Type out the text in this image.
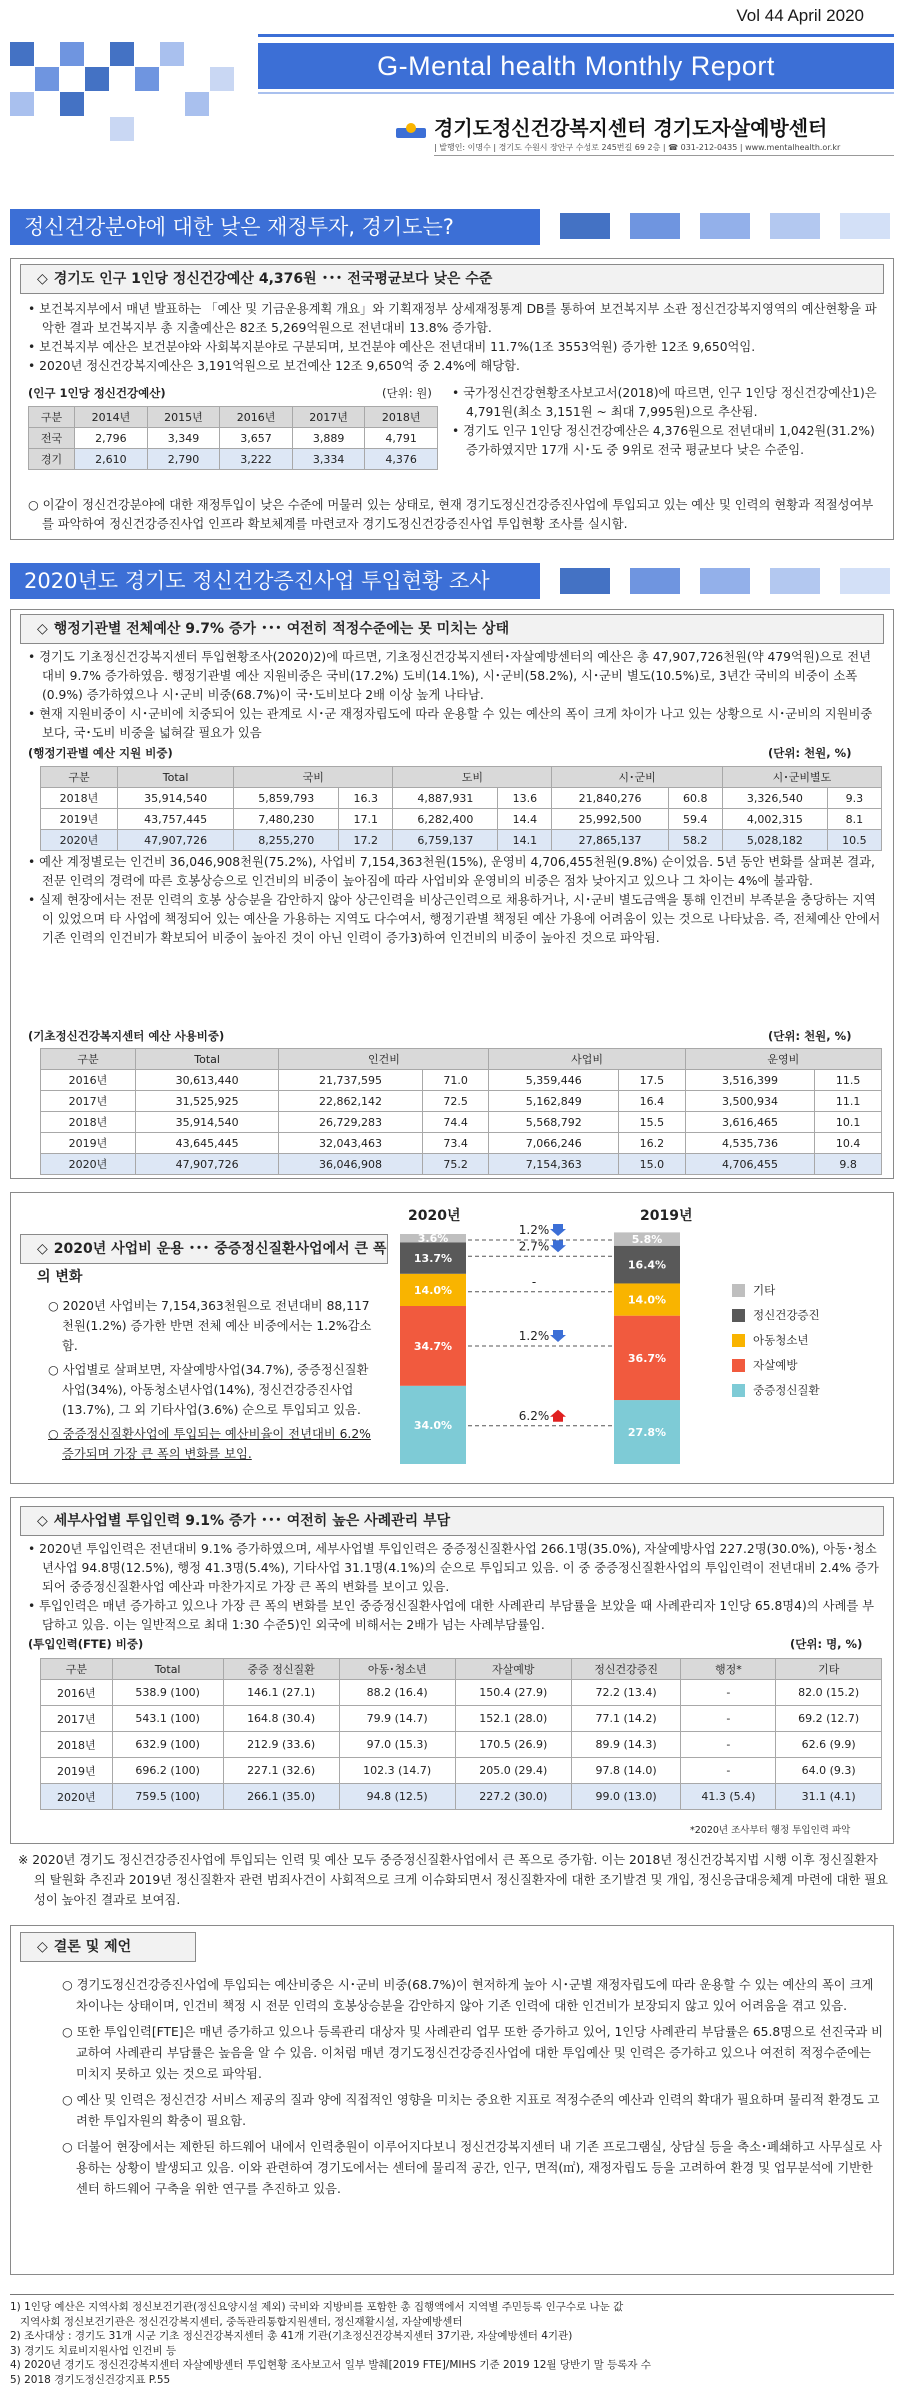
Vol 44 April 2020
G-Mental health Monthly Report
경기도정신건강복지센터 경기도자살예방센터
| 발행인: 이명수 | 경기도 수원시 장안구 수성로 245번길 69 2층 | ☎ 031-212-0435 | www.mentalhealth.or.kr
정신건강분야에 대한 낮은 재정투자, 경기도는?
◇ 경기도 인구 1인당 정신건강예산 4,376원 ･･･ 전국평균보다 낮은 수준
• 보건복지부에서 매년 발표하는 「예산 및 기금운용계획 개요」와 기획재정부 상세재정통계 DB를 통하여 보건복지부 소관 정신건강복지영역의 예산현황을 파악한 결과 보건복지부 총 지출예산은 82조 5,269억원으로 전년대비 13.8% 증가함.
• 보건복지부 예산은 보건분야와 사회복지분야로 구분되며, 보건분야 예산은 전년대비 11.7%(1조 3553억원) 증가한 12조 9,650억임.
• 2020년 정신건강복지예산은 3,191억원으로 보건예산 12조 9,650억 중 2.4%에 해당함.
(인구 1인당 정신건강예산)	(단위: 원)
구분	2014년	2015년	2016년	2017년	2018년
전국	2,796	3,349	3,657	3,889	4,791
경기	2,610	2,790	3,222	3,334	4,376
• 국가정신건강현황조사보고서(2018)에 따르면, 인구 1인당 정신건강예산1)은 4,791원(최소 3,151원 ~ 최대 7,995원)으로 추산됨.
• 경기도 인구 1인당 정신건강예산은 4,376원으로 전년대비 1,042원(31.2%) 증가하였지만 17개 시･도 중 9위로 전국 평균보다 낮은 수준임.
○ 이같이 정신건강분야에 대한 재정투입이 낮은 수준에 머물러 있는 상태로, 현재 경기도정신건강증진사업에 투입되고 있는 예산 및 인력의 현황과 적절성여부를 파악하여 정신건강증진사업 인프라 확보체계를 마련코자 경기도정신건강증진사업 투입현황 조사를 실시함.
2020년도 경기도 정신건강증진사업 투입현황 조사
◇ 행정기관별 전체예산 9.7% 증가 ･･･ 여전히 적정수준에는 못 미치는 상태
• 경기도 기초정신건강복지센터 투입현황조사(2020)2)에 따르면, 기초정신건강복지센터･자살예방센터의 예산은 총 47,907,726천원(약 479억원)으로 전년대비 9.7% 증가하였음. 행정기관별 예산 지원비중은 국비(17.2%) 도비(14.1%), 시･군비(58.2%), 시･군비 별도(10.5%)로, 3년간 국비의 비중이 소폭(0.9%) 증가하였으나 시･군비 비중(68.7%)이 국･도비보다 2배 이상 높게 나타남.
• 현재 지원비중이 시･군비에 치중되어 있는 관계로 시･군 재정자립도에 따라 운용할 수 있는 예산의 폭이 크게 차이가 나고 있는 상황으로 시･군비의 지원비중보다, 국･도비 비중을 넓혀갈 필요가 있음
(행정기관별 예산 지원 비중)	(단위: 천원, %)
구분	Total	국비		도비		시･군비		시･군비별도	
2018년	35,914,540	5,859,793	16.3	4,887,931	13.6	21,840,276	60.8	3,326,540	9.3
2019년	43,757,445	7,480,230	17.1	6,282,400	14.4	25,992,500	59.4	4,002,315	8.1
2020년	47,907,726	8,255,270	17.2	6,759,137	14.1	27,865,137	58.2	5,028,182	10.5
• 예산 계정별로는 인건비 36,046,908천원(75.2%), 사업비 7,154,363천원(15%), 운영비 4,706,455천원(9.8%) 순이었음. 5년 동안 변화를 살펴본 결과, 전문 인력의 경력에 따른 호봉상승으로 인건비의 비중이 높아짐에 따라 사업비와 운영비의 비중은 점차 낮아지고 있으나 그 차이는 4%에 불과함.
• 실제 현장에서는 전문 인력의 호봉 상승분을 감안하지 않아 상근인력을 비상근인력으로 채용하거나, 시･군비 별도금액을 통해 인건비 부족분을 충당하는 지역이 있었으며 타 사업에 책정되어 있는 예산을 가용하는 지역도 다수여서, 행정기관별 책정된 예산 가용에 어려움이 있는 것으로 나타났음. 즉, 전체예산 안에서 기존 인력의 인건비가 확보되어 비중이 높아진 것이 아닌 인력이 증가3)하여 인건비의 비중이 높아진 것으로 파악됨.
(기초정신건강복지센터 예산 사용비중)	(단위: 천원, %)
구분	Total	인건비		사업비		운영비	
2016년	30,613,440	21,737,595	71.0	5,359,446	17.5	3,516,399	11.5
2017년	31,525,925	22,862,142	72.5	5,162,849	16.4	3,500,934	11.1
2018년	35,914,540	26,729,283	74.4	5,568,792	15.5	3,616,465	10.1
2019년	43,645,445	32,043,463	73.4	7,066,246	16.2	4,535,736	10.4
2020년	47,907,726	36,046,908	75.2	7,154,363	15.0	4,706,455	9.8
◇ 2020년 사업비 운용 ･･･ 중증정신질환사업에서 큰 폭의 변화
○ 2020년 사업비는 7,154,363천원으로 전년대비 88,117천원(1.2%) 증가한 반면 전체 예산 비중에서는 1.2%감소함.
○ 사업별로 살펴보면, 자살예방사업(34.7%), 중증정신질환사업(34%), 아동청소년사업(14%), 정신건강증진사업(13.7%), 그 외 기타사업(3.6%) 순으로 투입되고 있음.
○ 중증정신질환사업에 투입되는 예산비율이 전년대비 6.2% 증가되며 가장 큰 폭의 변화를 보임.
2020년	2019년
34.0%
34.7%
14.0%
13.7%
3.6%
27.8%
36.7%
14.0%
16.4%
5.8%
1.2%
2.7%
-
1.2%
6.2%
기타
정신건강증진
아동청소년
자살예방
중증정신질환
◇ 세부사업별 투입인력 9.1% 증가 ･･･ 여전히 높은 사례관리 부담
• 2020년 투입인력은 전년대비 9.1% 증가하였으며, 세부사업별 투입인력은 중증정신질환사업 266.1명(35.0%), 자살예방사업 227.2명(30.0%), 아동･청소년사업 94.8명(12.5%), 행정 41.3명(5.4%), 기타사업 31.1명(4.1%)의 순으로 투입되고 있음. 이 중 중증정신질환사업의 투입인력이 전년대비 2.4% 증가되어 중증정신질환사업 예산과 마찬가지로 가장 큰 폭의 변화를 보이고 있음.
• 투입인력은 매년 증가하고 있으나 가장 큰 폭의 변화를 보인 중증정신질환사업에 대한 사례관리 부담률을 보았을 때 사례관리자 1인당 65.8명4)의 사례를 부담하고 있음. 이는 일반적으로 최대 1:30 수준5)인 외국에 비해서는 2배가 넘는 사례부담률임.
(투입인력(FTE) 비중)	(단위: 명, %)
구분	Total	중증 정신질환	아동･청소년	자살예방	정신건강증진	행정*	기타
2016년	538.9 (100)	146.1 (27.1)	88.2 (16.4)	150.4 (27.9)	72.2 (13.4)	-	82.0 (15.2)
2017년	543.1 (100)	164.8 (30.4)	79.9 (14.7)	152.1 (28.0)	77.1 (14.2)	-	69.2 (12.7)
2018년	632.9 (100)	212.9 (33.6)	97.0 (15.3)	170.5 (26.9)	89.9 (14.3)	-	62.6 (9.9)
2019년	696.2 (100)	227.1 (32.6)	102.3 (14.7)	205.0 (29.4)	97.8 (14.0)	-	64.0 (9.3)
2020년	759.5 (100)	266.1 (35.0)	94.8 (12.5)	227.2 (30.0)	99.0 (13.0)	41.3 (5.4)	31.1 (4.1)
*2020년 조사부터 행정 투입인력 파악
※ 2020년 경기도 정신건강증진사업에 투입되는 인력 및 예산 모두 중증정신질환사업에서 큰 폭으로 증가함. 이는 2018년 정신건강복지법 시행 이후 정신질환자의 탈원화 추진과 2019년 정신질환자 관련 범죄사건이 사회적으로 크게 이슈화되면서 정신질환자에 대한 조기발견 및 개입, 정신응급대응체계 마련에 대한 필요성이 높아진 결과로 보여짐.
◇ 결론 및 제언
○ 경기도정신건강증진사업에 투입되는 예산비중은 시･군비 비중(68.7%)이 현저하게 높아 시･군별 재정자립도에 따라 운용할 수 있는 예산의 폭이 크게 차이나는 상태이며, 인건비 책정 시 전문 인력의 호봉상승분을 감안하지 않아 기존 인력에 대한 인건비가 보장되지 않고 있어 어려움을 겪고 있음.
○ 또한 투입인력[FTE]은 매년 증가하고 있으나 등록관리 대상자 및 사례관리 업무 또한 증가하고 있어, 1인당 사례관리 부담률은 65.8명으로 선진국과 비교하여 사례관리 부담률은 높음을 알 수 있음. 이처럼 매년 경기도정신건강증진사업에 대한 투입예산 및 인력은 증가하고 있으나 여전히 적정수준에는 미치지 못하고 있는 것으로 파악됨.
○ 예산 및 인력은 정신건강 서비스 제공의 질과 양에 직접적인 영향을 미치는 중요한 지표로 적정수준의 예산과 인력의 확대가 필요하며 물리적 환경도 고려한 투입자원의 확충이 필요함.
○ 더불어 현장에서는 제한된 하드웨어 내에서 인력충원이 이루어지다보니 정신건강복지센터 내 기존 프로그램실, 상담실 등을 축소･폐쇄하고 사무실로 사용하는 상황이 발생되고 있음. 이와 관련하여 경기도에서는 센터에 물리적 공간, 인구, 면적(㎡), 재정자립도 등을 고려하여 환경 및 업무분석에 기반한 센터 하드웨어 구축을 위한 연구를 추진하고 있음.
1) 1인당 예산은 지역사회 정신보건기관(정신요양시설 제외) 국비와 지방비를 포함한 총 집행액에서 지역별 주민등록 인구수로 나눈 값
지역사회 정신보건기관은 정신건강복지센터, 중독관리통합지원센터, 정신재활시설, 자살예방센터
2) 조사대상 : 경기도 31개 시군 기초 정신건강복지센터 총 41개 기관(기초정신건강복지센터 37기관, 자살예방센터 4기관)
3) 경기도 치료비지원사업 인건비 등
4) 2020년 경기도 정신건강복지센터 자살예방센터 투입현황 조사보고서 일부 발췌[2019 FTE]/MIHS 기준 2019 12월 당반기 말 등록자 수
5) 2018 경기도정신건강지표 P.55
